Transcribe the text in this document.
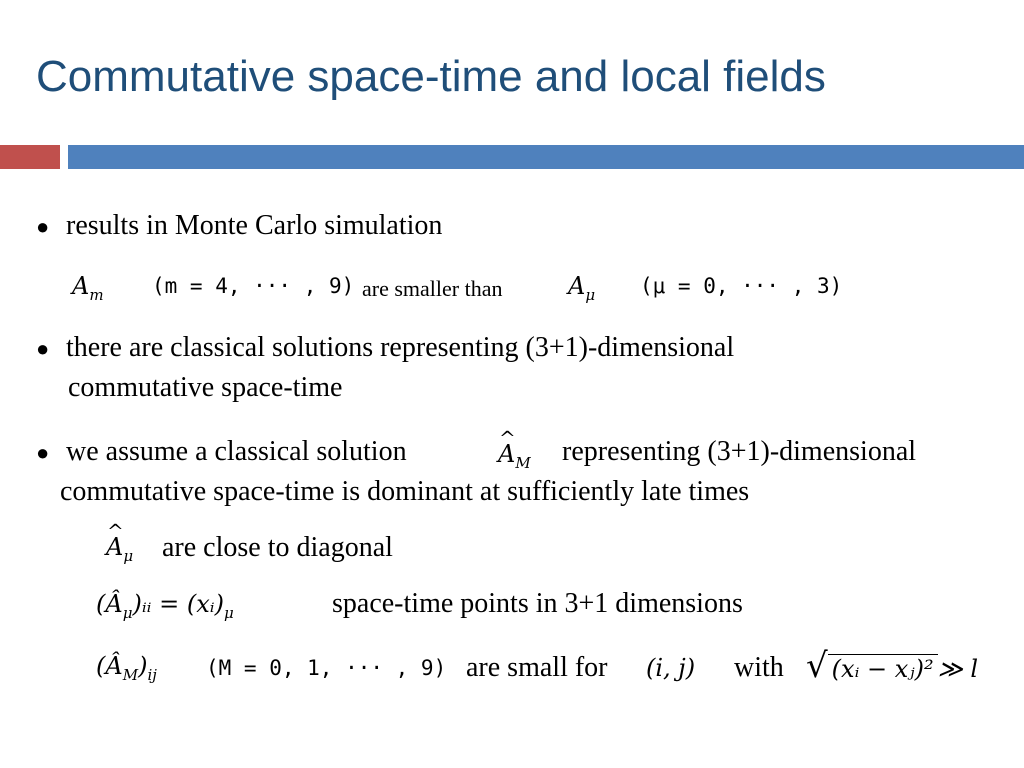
Commutative space-time and local fields
● results in Monte Carlo simulation
Am (m = 4, ··· , 9) are smaller than	Aμ (μ = 0, ··· , 3)
● there are classical solutions representing (3+1)-dimensional
commutative space-time
● we assume a classical solution
^	AM representing (3+1)-dimensional
commutative space-time is dominant at sufficiently late times
^ Aμ are close to diagonal
(Âμ)ᵢᵢ = (xᵢ)μ	space-time points in 3+1 dimensions
(ÂM)ij (M = 0, 1, ··· , 9) are small for (i, j) with √ (xᵢ − xⱼ)² ≫ l
